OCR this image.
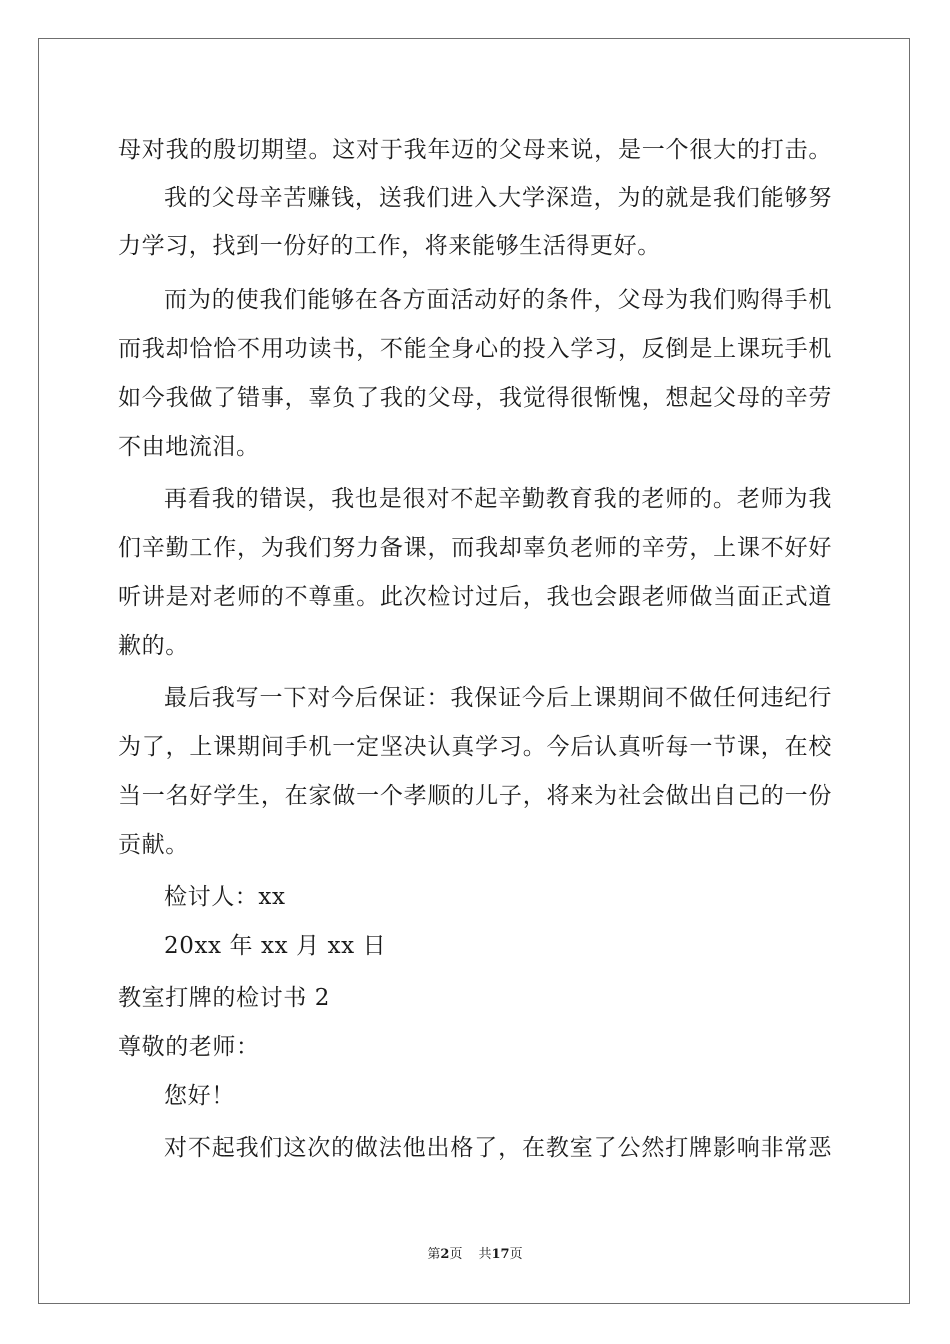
母对我的殷切期望。这对于我年迈的父母来说，是一个很大的打击。
我的父母辛苦赚钱，送我们进入大学深造，为的就是我们能够努
力学习，找到一份好的工作，将来能够生活得更好。
而为的使我们能够在各方面活动好的条件，父母为我们购得手机
而我却恰恰不用功读书，不能全身心的投入学习，反倒是上课玩手机
如今我做了错事，辜负了我的父母，我觉得很惭愧，想起父母的辛劳
不由地流泪。
再看我的错误，我也是很对不起辛勤教育我的老师的。老师为我
们辛勤工作，为我们努力备课，而我却辜负老师的辛劳，上课不好好
听讲是对老师的不尊重。此次检讨过后，我也会跟老师做当面正式道
歉的。
最后我写一下对今后保证：我保证今后上课期间不做任何违纪行
为了，上课期间手机一定坚决认真学习。今后认真听每一节课，在校
当一名好学生，在家做一个孝顺的儿子，将来为社会做出自己的一份
贡献。
检讨人：xx
20xx 年 xx 月 xx 日
教室打牌的检讨书 2
尊敬的老师：
您好！
对不起我们这次的做法他出格了，在教室了公然打牌影响非常恶
第2页 共17页
